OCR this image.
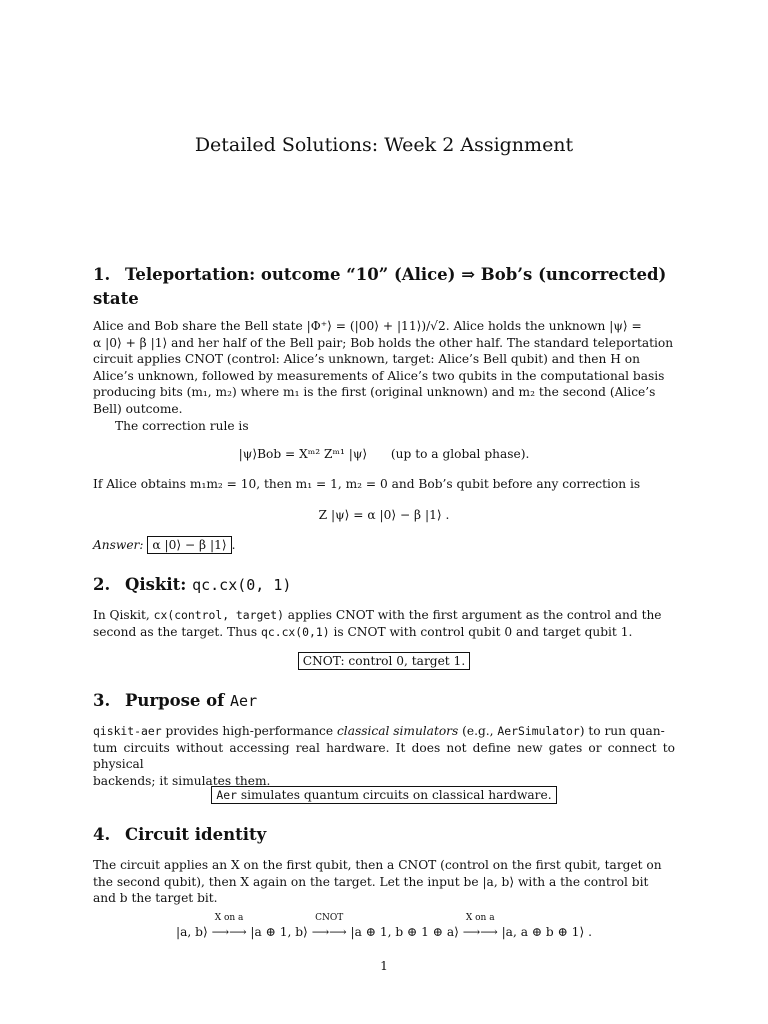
Detailed Solutions: Week 2 Assignment
1. Teleportation: outcome “10” (Alice) ⇒ Bob’s (uncorrected)
state
Alice and Bob share the Bell state |Φ⁺⟩ = (|00⟩ + |11⟩)/√2. Alice holds the unknown |ψ⟩ =
α |0⟩ + β |1⟩ and her half of the Bell pair; Bob holds the other half. The standard teleportation
circuit applies CNOT (control: Alice’s unknown, target: Alice’s Bell qubit) and then H on
Alice’s unknown, followed by measurements of Alice’s two qubits in the computational basis
producing bits (m₁, m₂) where m₁ is the first (original unknown) and m₂ the second (Alice’s
Bell) outcome.
The correction rule is
|ψ⟩Bob = Xᵐ² Zᵐ¹ |ψ⟩ (up to a global phase).
If Alice obtains m₁m₂ = 10, then m₁ = 1, m₂ = 0 and Bob’s qubit before any correction is
Z |ψ⟩ = α |0⟩ − β |1⟩ .
Answer: α |0⟩ − β |1⟩ .
2. Qiskit: qc.cx(0, 1)
In Qiskit, cx(control, target) applies CNOT with the first argument as the control and the
second as the target. Thus qc.cx(0,1) is CNOT with control qubit 0 and target qubit 1.
CNOT: control 0, target 1.
3. Purpose of Aer
qiskit-aer provides high-performance classical simulators (e.g., AerSimulator) to run quan-
tum circuits without accessing real hardware. It does not define new gates or connect to physical
backends; it simulates them.
Aer simulates quantum circuits on classical hardware.
4. Circuit identity
The circuit applies an X on the first qubit, then a CNOT (control on the first qubit, target on
the second qubit), then X again on the target. Let the input be |a, b⟩ with a the control bit
and b the target bit.
|a, b⟩
X on a
⟶⟶ |a ⊕ 1, b⟩
CNOT
⟶⟶ |a ⊕ 1, b ⊕ 1 ⊕ a⟩
X on a
⟶⟶ |a, a ⊕ b ⊕ 1⟩ .
1
